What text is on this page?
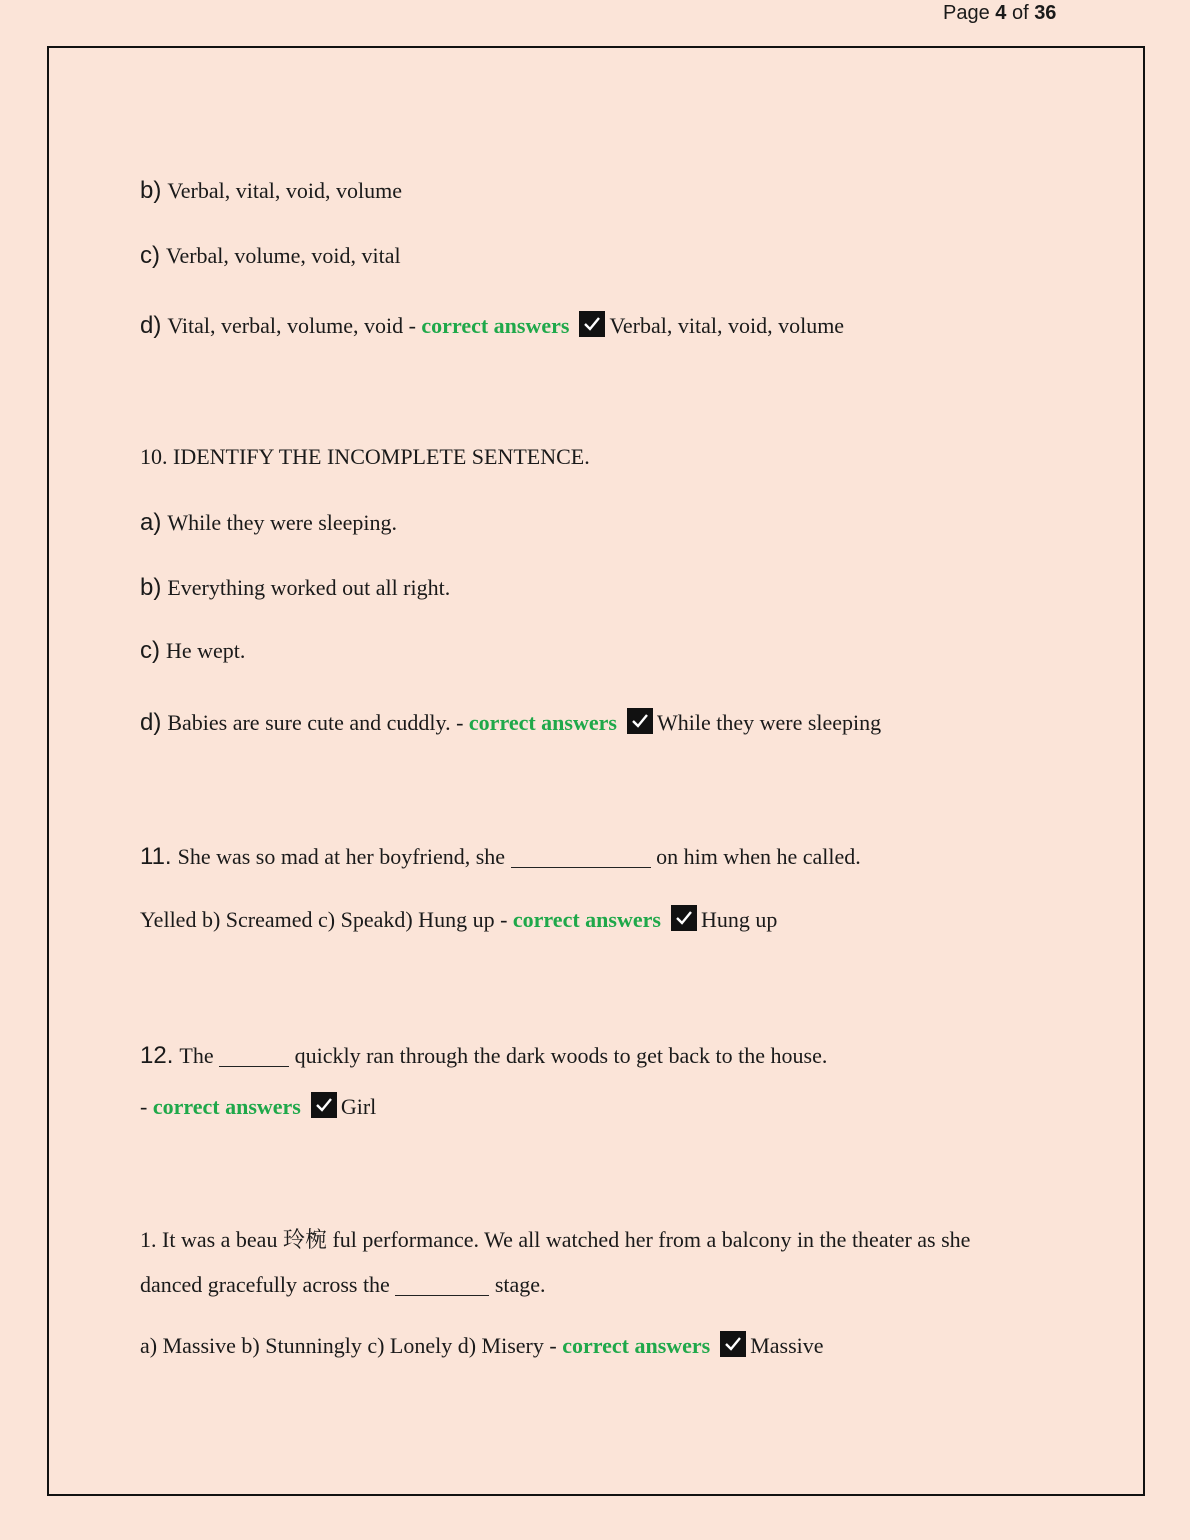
Page 4 of 36
b) Verbal, vital, void, volume
c) Verbal, volume, void, vital
d) Vital, verbal, volume, void - correct answers Verbal, vital, void, volume
10. IDENTIFY THE INCOMPLETE SENTENCE.
a) While they were sleeping.
b) Everything worked out all right.
c) He wept.
d) Babies are sure cute and cuddly. - correct answers While they were sleeping
11. She was so mad at her boyfriend, she	on him when he called.
Yelled b) Screamed c) Speakd) Hung up - correct answers Hung up
12. The	quickly ran through the dark woods to get back to the house.
- correct answers Girl
1. It was a beau 玲椀 ful performance. We all watched her from a balcony in the theater as she
danced gracefully across the	stage.
a) Massive b) Stunningly c) Lonely d) Misery - correct answers Massive
